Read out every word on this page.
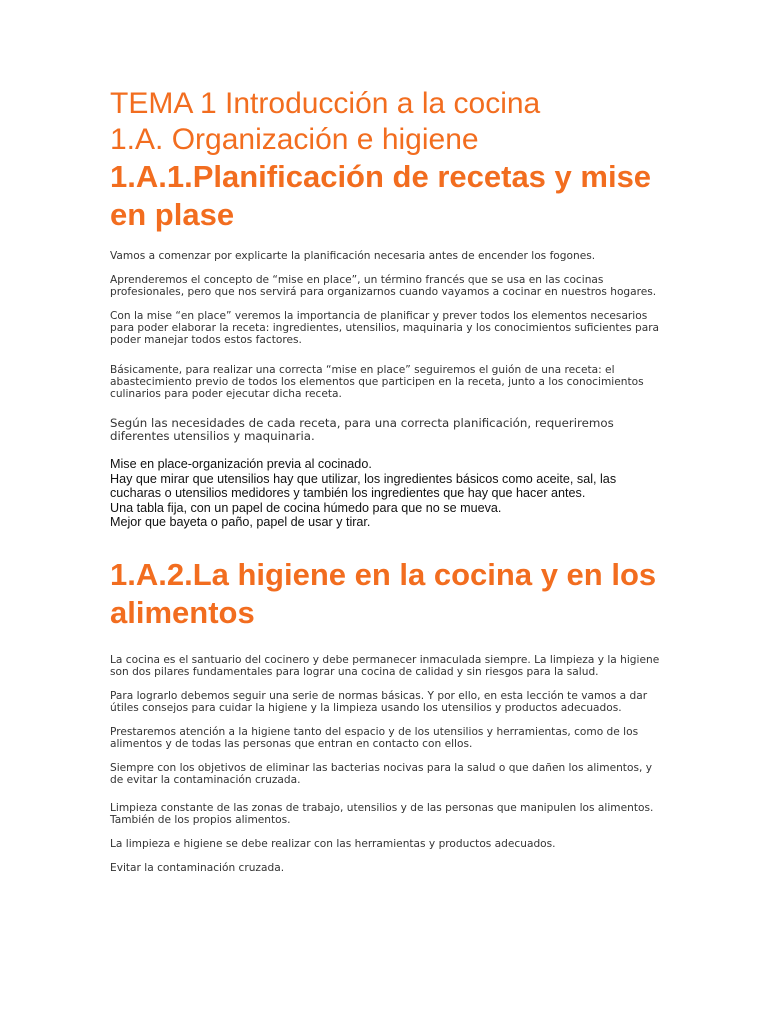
TEMA 1 Introducción a la cocina
1.A. Organización e higiene
1.A.1.Planificación de recetas y mise en plase

Vamos a comenzar por explicarte la planificación necesaria antes de encender los fogones.

Aprenderemos el concepto de “mise en place”, un término francés que se usa en las cocinas profesionales, pero que nos servirá para organizarnos cuando vayamos a cocinar en nuestros hogares.

Con la mise “en place” veremos la importancia de planificar y prever todos los elementos necesarios para poder elaborar la receta: ingredientes, utensilios, maquinaria y los conocimientos suficientes para poder manejar todos estos factores.

Básicamente, para realizar una correcta “mise en place” seguiremos el guión de una receta: el abastecimiento previo de todos los elementos que participen en la receta, junto a los conocimientos culinarios para poder ejecutar dicha receta.

Según las necesidades de cada receta, para una correcta planificación, requeriremos diferentes utensilios y maquinaria.

Mise en place-organización previa al cocinado.
Hay que mirar que utensilios hay que utilizar, los ingredientes básicos como aceite, sal, las cucharas o utensilios medidores y también los ingredientes que hay que hacer antes.
Una tabla fija, con un papel de cocina húmedo para que no se mueva.
Mejor que bayeta o paño, papel de usar y tirar.
1.A.2.La higiene en la cocina y en los alimentos

La cocina es el santuario del cocinero y debe permanecer inmaculada siempre. La limpieza y la higiene son dos pilares fundamentales para lograr una cocina de calidad y sin riesgos para la salud.

Para lograrlo debemos seguir una serie de normas básicas. Y por ello, en esta lección te vamos a dar útiles consejos para cuidar la higiene y la limpieza usando los utensilios y productos adecuados.

Prestaremos atención a la higiene tanto del espacio y de los utensilios y herramientas, como de los alimentos y de todas las personas que entran en contacto con ellos.

Siempre con los objetivos de eliminar las bacterias nocivas para la salud o que dañen los alimentos, y de evitar la contaminación cruzada.

Limpieza constante de las zonas de trabajo, utensilios y de las personas que manipulen los alimentos. También de los propios alimentos.

La limpieza e higiene se debe realizar con las herramientas y productos adecuados.

Evitar la contaminación cruzada.
